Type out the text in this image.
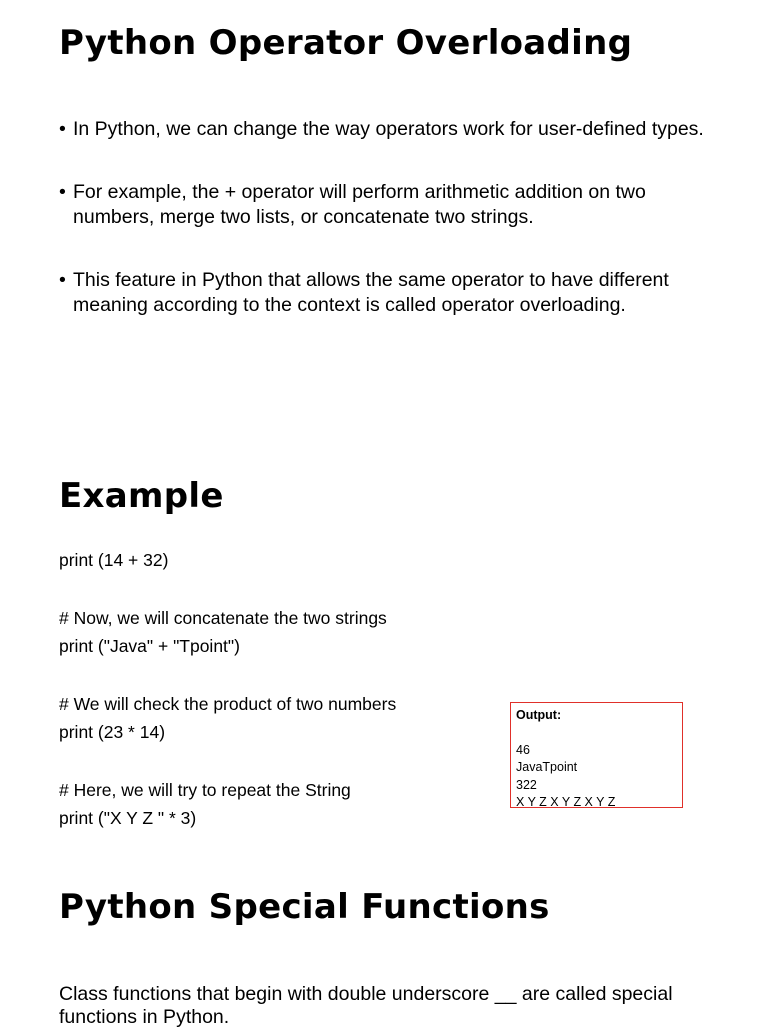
Python Operator Overloading
• In Python, we can change the way operators work for user-defined types.
• For example, the + operator will perform arithmetic addition on two numbers, merge two lists, or concatenate two strings.
• This feature in Python that allows the same operator to have different meaning according to the context is called operator overloading.
Example

print (14 + 32)

# Now, we will concatenate the two strings

print ("Java" + "Tpoint")

# We will check the product of two numbers

print (23 * 14)

# Here, we will try to repeat the String

print ("X Y Z " * 3)

Output:
46
JavaTpoint
322
X Y Z X Y Z X Y Z
Python Special Functions

Class functions that begin with double underscore __ are called special functions in Python.
